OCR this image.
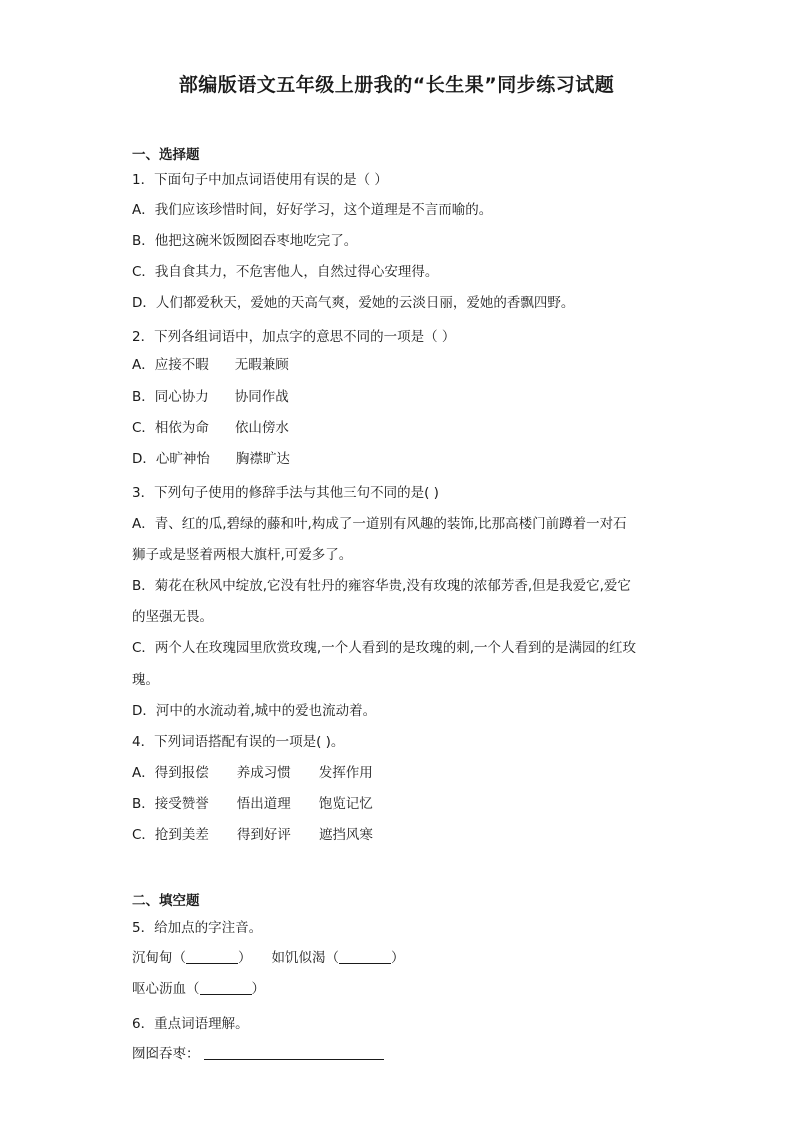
部编版语文五年级上册我的“长生果”同步练习试题
一、选择题
1．下面句子中加点词语使用有误的是（ ）
A．我们应该珍惜时间，好好学习，这个道理是不言而喻的。
B．他把这碗米饭囫囵吞枣地吃完了。
C．我自食其力，不危害他人，自然过得心安理得。
D．人们都爱秋天，爱她的天高气爽，爱她的云淡日丽，爱她的香飘四野。
2．下列各组词语中，加点字的意思不同的一项是（ ）
A．应接不暇 无暇兼顾
B．同心协力 协同作战
C．相依为命 依山傍水
D．心旷神怡 胸襟旷达
3．下列句子使用的修辞手法与其他三句不同的是( )
A．青、红的瓜,碧绿的藤和叶,构成了一道别有风趣的装饰,比那高楼门前蹲着一对石
狮子或是竖着两根大旗杆,可爱多了。
B．菊花在秋风中绽放,它没有牡丹的雍容华贵,没有玫瑰的浓郁芳香,但是我爱它,爱它
的坚强无畏。
C．两个人在玫瑰园里欣赏玫瑰,一个人看到的是玫瑰的刺,一个人看到的是满园的红玫
瑰。
D．河中的水流动着,城中的爱也流动着。
4．下列词语搭配有误的一项是( )。
A．得到报偿 养成习惯 发挥作用
B．接受赞誉 悟出道理 饱览记忆
C．抢到美差 得到好评 遮挡风寒
二、填空题
5．给加点的字注音。
沉甸甸（	） 如饥似渴（	）
呕心沥血（	）
6．重点词语理解。
囫囵吞枣：
